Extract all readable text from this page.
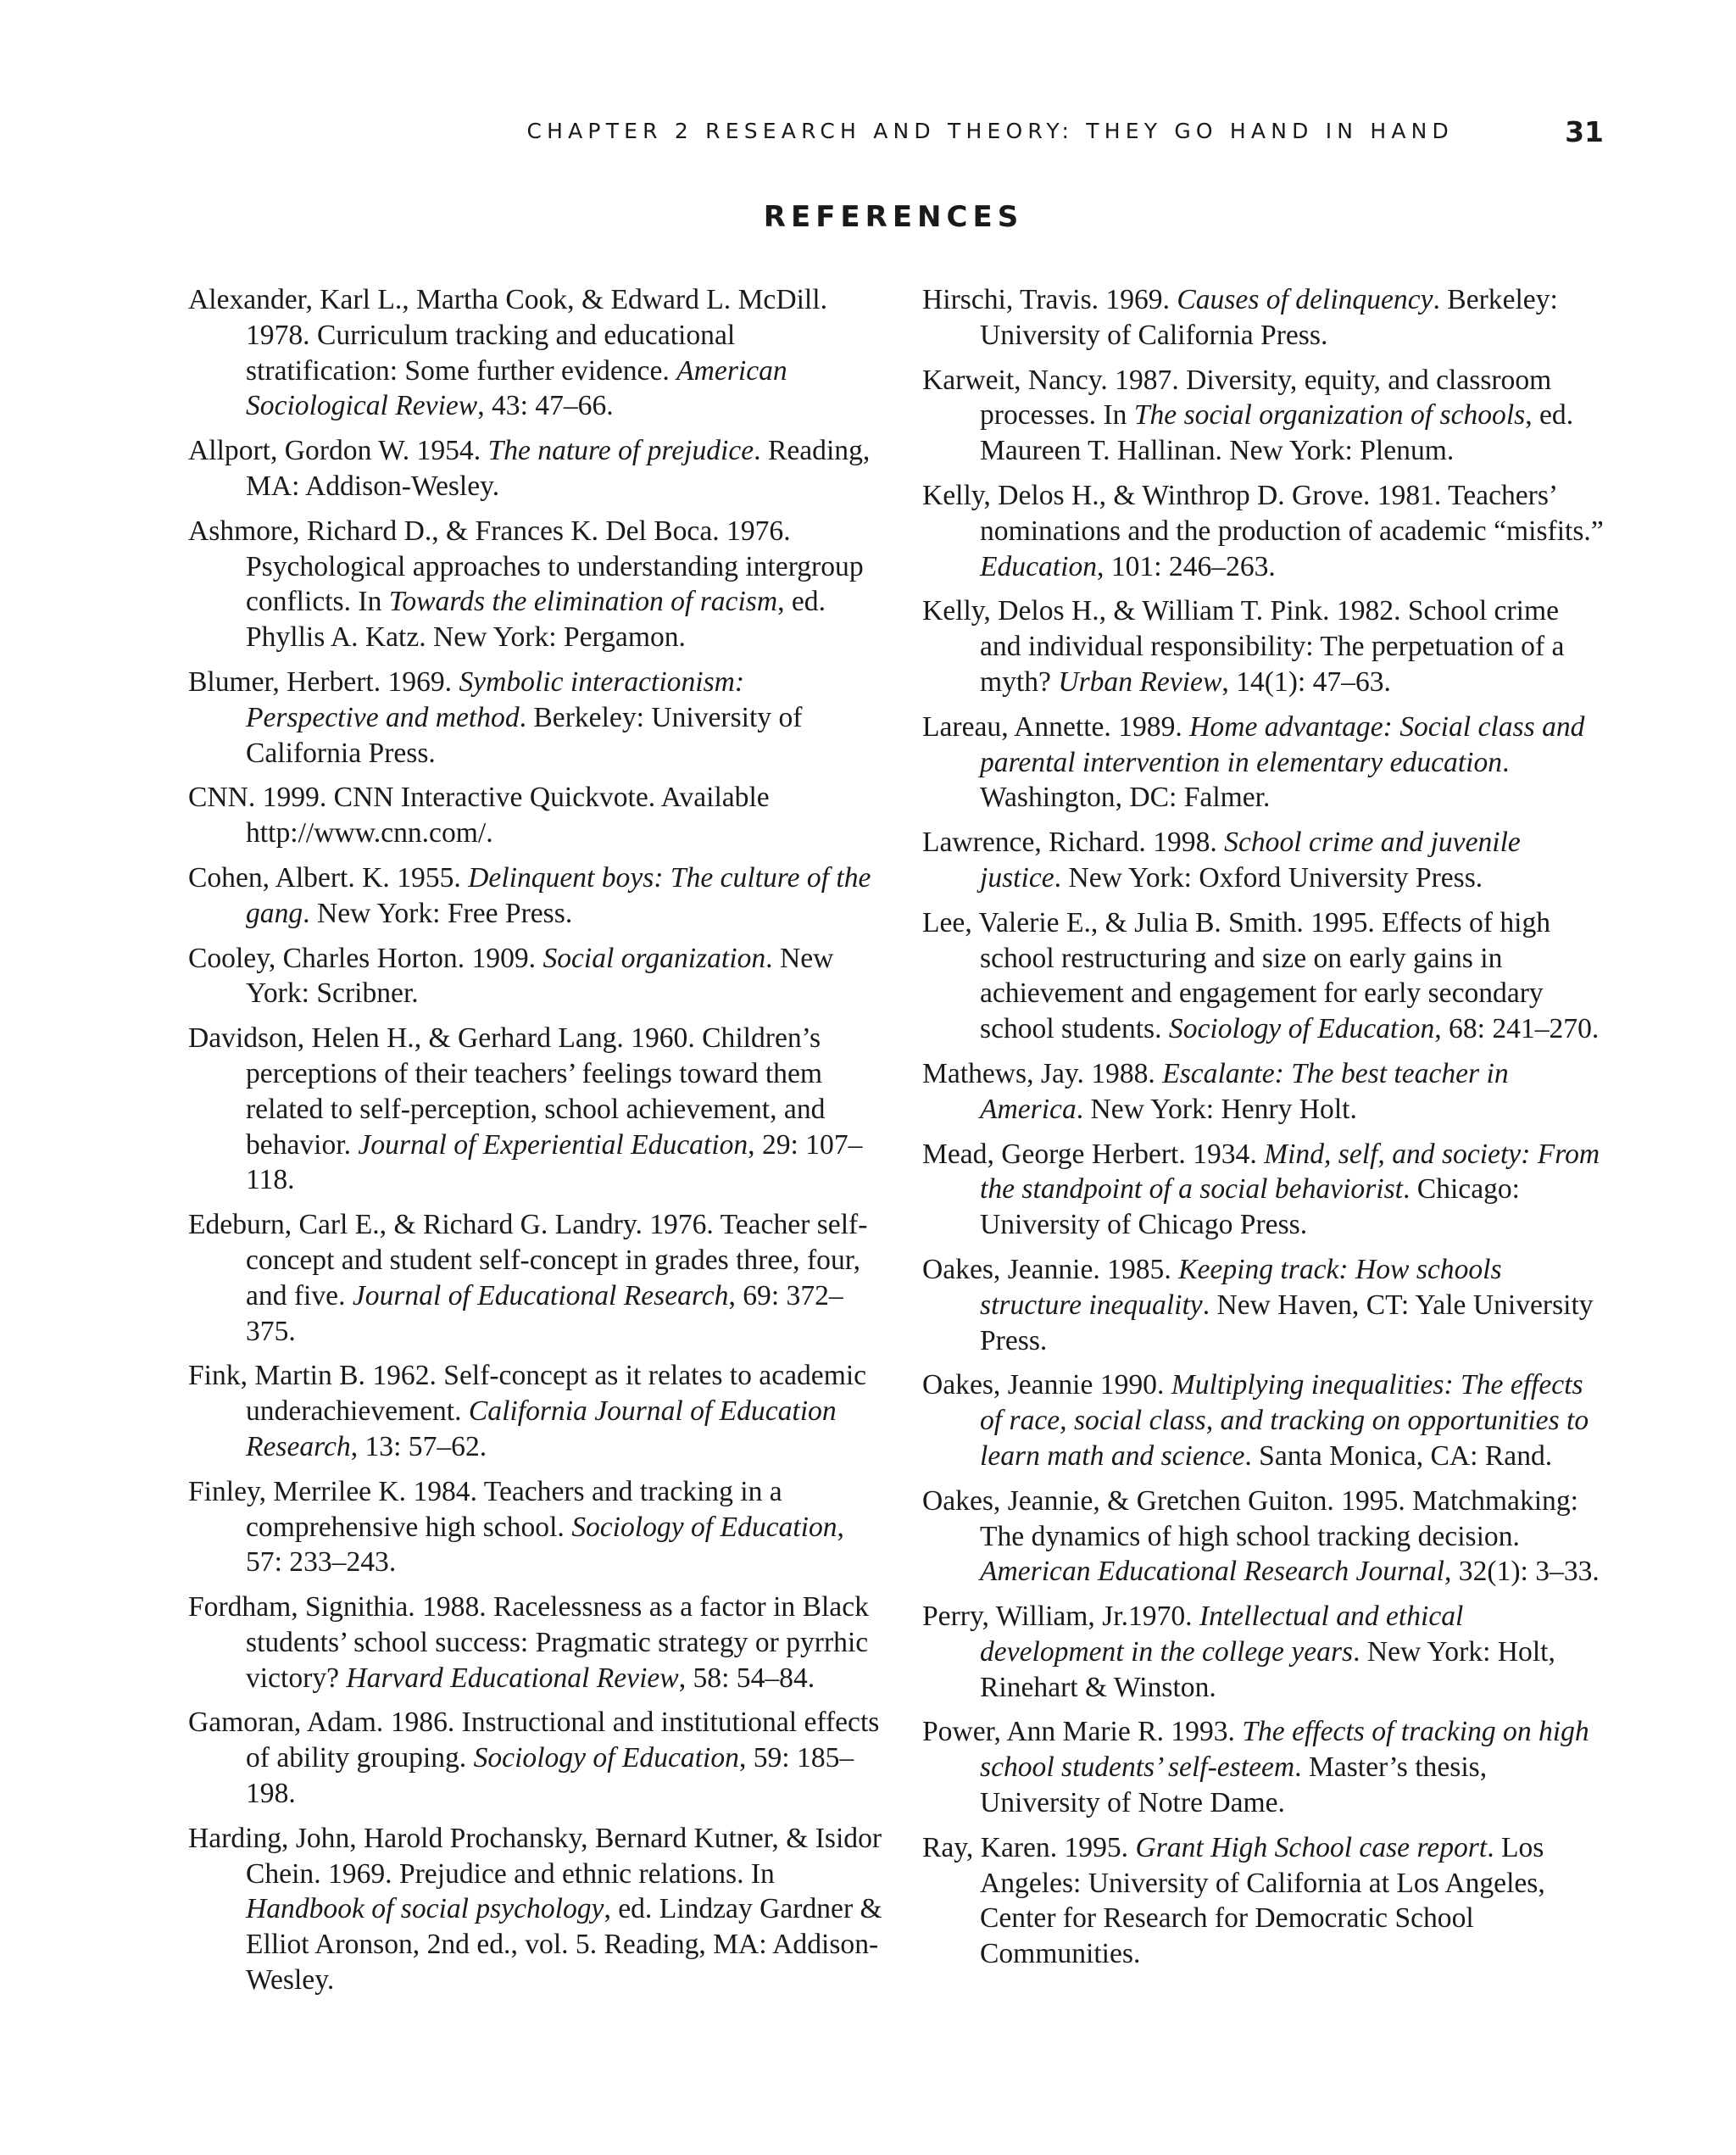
CHAPTER 2 RESEARCH AND THEORY: THEY GO HAND IN HAND	31
REFERENCES

Alexander, Karl L., Martha Cook, & Edward L. McDill. 1978. Curriculum tracking and educational stratification: Some further evidence. American Sociological Review, 43: 47–66.

Allport, Gordon W. 1954. The nature of prejudice. Reading, MA: Addison-Wesley.

Ashmore, Richard D., & Frances K. Del Boca. 1976. Psychological approaches to understanding intergroup conflicts. In Towards the elimination of racism, ed. Phyllis A. Katz. New York: Pergamon.

Blumer, Herbert. 1969. Symbolic interactionism: Perspective and method. Berkeley: University of California Press.

CNN. 1999. CNN Interactive Quickvote. Available http://www.cnn.com/.

Cohen, Albert. K. 1955. Delinquent boys: The culture of the gang. New York: Free Press.

Cooley, Charles Horton. 1909. Social organization. New York: Scribner.

Davidson, Helen H., & Gerhard Lang. 1960. Children’s perceptions of their teachers’ feelings toward them related to self-perception, school achievement, and behavior. Journal of Experiential Education, 29: 107–118.

Edeburn, Carl E., & Richard G. Landry. 1976. Teacher self-concept and student self-concept in grades three, four, and five. Journal of Educational Research, 69: 372–375.

Fink, Martin B. 1962. Self-concept as it relates to academic underachievement. California Journal of Education Research, 13: 57–62.

Finley, Merrilee K. 1984. Teachers and tracking in a comprehensive high school. Sociology of Education, 57: 233–243.

Fordham, Signithia. 1988. Racelessness as a factor in Black students’ school success: Pragmatic strategy or pyrrhic victory? Harvard Educational Review, 58: 54–84.

Gamoran, Adam. 1986. Instructional and institutional effects of ability grouping. Sociology of Education, 59: 185–198.

Harding, John, Harold Prochansky, Bernard Kutner, & Isidor Chein. 1969. Prejudice and ethnic relations. In Handbook of social psychology, ed. Lindzay Gardner & Elliot Aronson, 2nd ed., vol. 5. Reading, MA: Addison-Wesley.

Hirschi, Travis. 1969. Causes of delinquency. Berkeley: University of California Press.

Karweit, Nancy. 1987. Diversity, equity, and classroom processes. In The social organization of schools, ed. Maureen T. Hallinan. New York: Plenum.

Kelly, Delos H., & Winthrop D. Grove. 1981. Teachers’ nominations and the production of academic “misfits.” Education, 101: 246–263.

Kelly, Delos H., & William T. Pink. 1982. School crime and individual responsibility: The perpetuation of a myth? Urban Review, 14(1): 47–63.

Lareau, Annette. 1989. Home advantage: Social class and parental intervention in elementary education. Washington, DC: Falmer.

Lawrence, Richard. 1998. School crime and juvenile justice. New York: Oxford University Press.

Lee, Valerie E., & Julia B. Smith. 1995. Effects of high school restructuring and size on early gains in achievement and engagement for early secondary school students. Sociology of Education, 68: 241–270.

Mathews, Jay. 1988. Escalante: The best teacher in America. New York: Henry Holt.

Mead, George Herbert. 1934. Mind, self, and society: From the standpoint of a social behaviorist. Chicago: University of Chicago Press.

Oakes, Jeannie. 1985. Keeping track: How schools structure inequality. New Haven, CT: Yale University Press.

Oakes, Jeannie 1990. Multiplying inequalities: The effects of race, social class, and tracking on opportunities to learn math and science. Santa Monica, CA: Rand.

Oakes, Jeannie, & Gretchen Guiton. 1995. Matchmaking: The dynamics of high school tracking decision. American Educational Research Journal, 32(1): 3–33.

Perry, William, Jr.1970. Intellectual and ethical development in the college years. New York: Holt, Rinehart & Winston.

Power, Ann Marie R. 1993. The effects of tracking on high school students’ self-esteem. Master’s thesis, University of Notre Dame.

Ray, Karen. 1995. Grant High School case report. Los Angeles: University of California at Los Angeles, Center for Research for Democratic School Communities.
